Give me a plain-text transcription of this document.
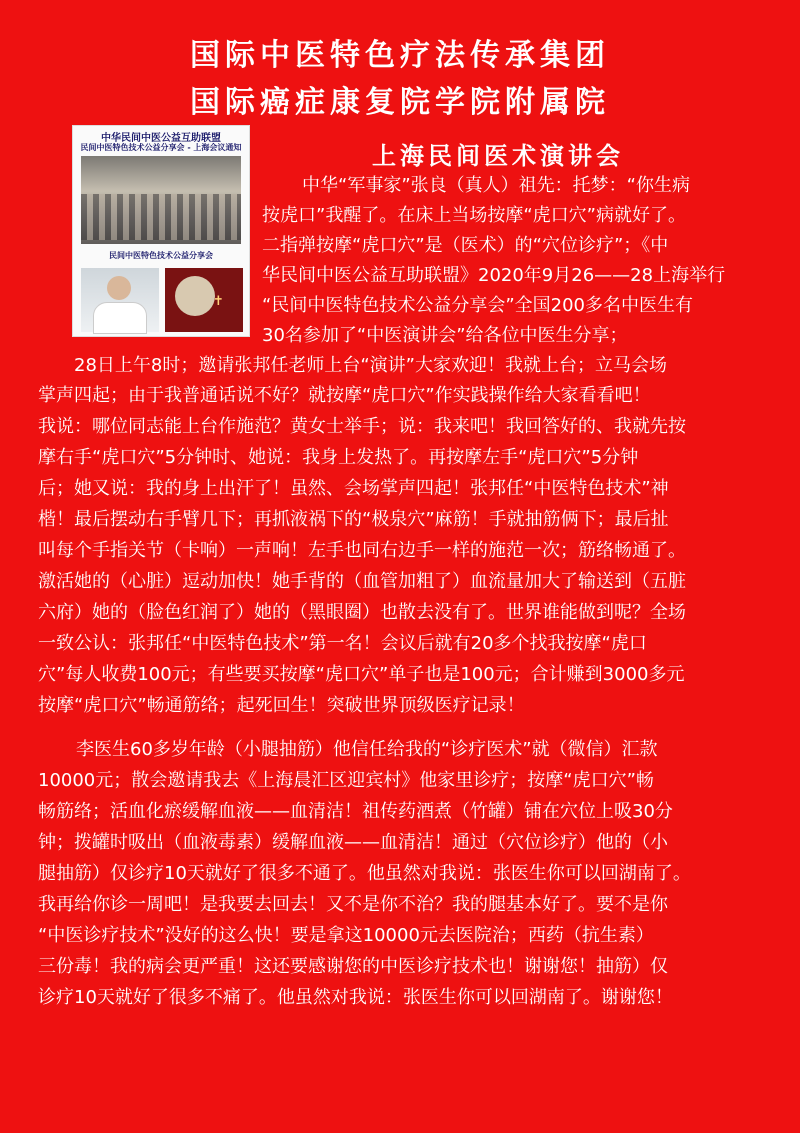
国际中医特色疗法传承集团
国际癌症康复院学院附属院
中华民间中医公益互助联盟
民间中医特色技术公益分享会 - 上海会议通知
民间中医特色技术公益分享会
✝
上海民间医术演讲会
中华“军事家”张良（真人）祖先：托梦：“你生病
按虎口”我醒了。在床上当场按摩“虎口穴”病就好了。
二指弹按摩“虎口穴”是（医术）的“穴位诊疗”；《中
华民间中医公益互助联盟》2020年9月26——28上海举行
“民间中医特色技术公益分享会”全国200多名中医生有
30名参加了“中医演讲会”给各位中医生分享；
28日上午8时；邀请张邦任老师上台“演讲”大家欢迎！我就上台；立马会场
掌声四起；由于我普通话说不好？就按摩“虎口穴”作实践操作给大家看看吧！
我说：哪位同志能上台作施范？黄女士举手；说：我来吧！我回答好的、我就先按
摩右手“虎口穴”5分钟时、她说：我身上发热了。再按摩左手“虎口穴”5分钟
后；她又说：我的身上出汗了！虽然、会场掌声四起！张邦任“中医特色技术”神
楷！最后摆动右手臂几下；再抓液祸下的“极泉穴”麻筋！手就抽筋俩下；最后扯
叫每个手指关节（卡响）一声响！左手也同右边手一样的施范一次；筋络畅通了。
激活她的（心脏）逗动加快！她手背的（血管加粗了）血流量加大了输送到（五脏
六府）她的（脸色红润了）她的（黑眼圈）也散去没有了。世界谁能做到呢？全场
一致公认：张邦任“中医特色技术”第一名！会议后就有20多个找我按摩“虎口
穴”每人收费100元；有些要买按摩“虎口穴”单子也是100元；合计赚到3000多元
按摩“虎口穴”畅通筋络；起死回生！突破世界顶级医疗记录！
李医生60多岁年龄（小腿抽筋）他信任给我的“诊疗医术”就（微信）汇款
10000元；散会邀请我去《上海晨汇区迎宾村》他家里诊疗；按摩“虎口穴”畅
畅筋络；活血化瘀缓解血液——血清洁！祖传药酒煮（竹罐）铺在穴位上吸30分
钟；拨罐时吸出（血液毒素）缓解血液——血清洁！通过（穴位诊疗）他的（小
腿抽筋）仅诊疗10天就好了很多不通了。他虽然对我说：张医生你可以回湖南了。
我再给你诊一周吧！是我要去回去！又不是你不治？我的腿基本好了。要不是你
“中医诊疗技术”没好的这么快！要是拿这10000元去医院治；西药（抗生素）
三份毒！我的病会更严重！这还要感谢您的中医诊疗技术也！谢谢您！抽筋）仅
诊疗10天就好了很多不痛了。他虽然对我说：张医生你可以回湖南了。谢谢您！
